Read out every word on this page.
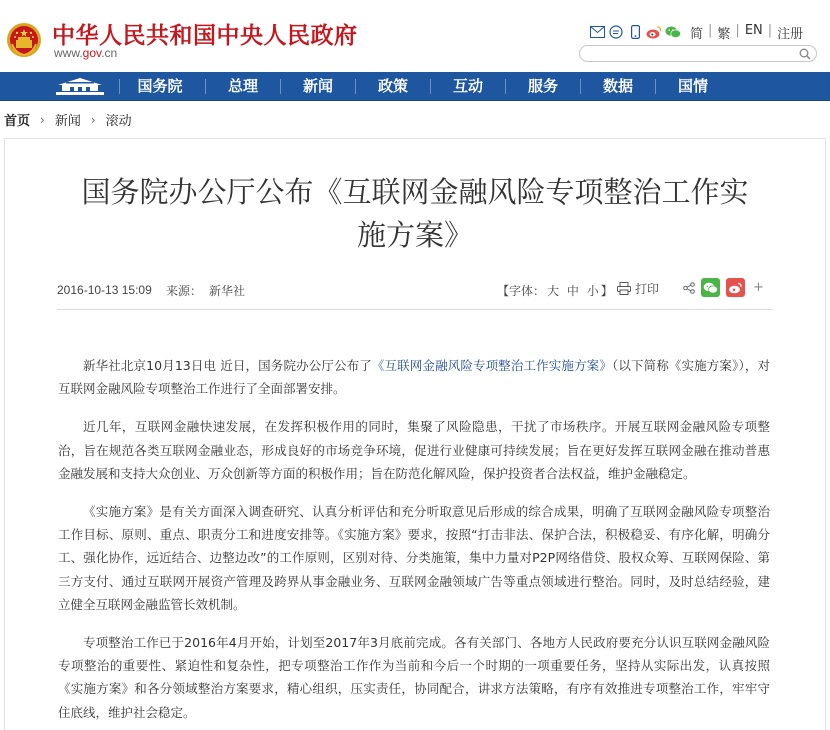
中华人民共和国中央人民政府
www.gov.cn
简 | 繁 | EN | 注册
国务院	总理	新闻	政策	互动	服务	数据	国情
首页 › 新闻 › 滚动
国务院办公厅公布《互联网金融风险专项整治工作实
施方案》
2016-10-13 15:09 来源： 新华社	【字体： 大 中 小 】 打印	+

新华社北京10月13日电 近日，国务院办公厅公布了《互联网金融风险专项整治工作实施方案》（以下简称《实施方案》），对互联网金融风险专项整治工作进行了全面部署安排。

近几年，互联网金融快速发展，在发挥积极作用的同时，集聚了风险隐患，干扰了市场秩序。开展互联网金融风险专项整治，旨在规范各类互联网金融业态，形成良好的市场竞争环境，促进行业健康可持续发展；旨在更好发挥互联网金融在推动普惠金融发展和支持大众创业、万众创新等方面的积极作用；旨在防范化解风险，保护投资者合法权益，维护金融稳定。

《实施方案》是有关方面深入调查研究、认真分析评估和充分听取意见后形成的综合成果，明确了互联网金融风险专项整治工作目标、原则、重点、职责分工和进度安排等。《实施方案》要求，按照“打击非法、保护合法，积极稳妥、有序化解，明确分工、强化协作，远近结合、边整边改”的工作原则，区别对待、分类施策，集中力量对P2P网络借贷、股权众筹、互联网保险、第三方支付、通过互联网开展资产管理及跨界从事金融业务、互联网金融领域广告等重点领域进行整治。同时，及时总结经验，建立健全互联网金融监管长效机制。

专项整治工作已于2016年4月开始，计划至2017年3月底前完成。各有关部门、各地方人民政府要充分认识互联网金融风险专项整治的重要性、紧迫性和复杂性，把专项整治工作作为当前和今后一个时期的一项重要任务，坚持从实际出发，认真按照《实施方案》和各分领域整治方案要求，精心组织，压实责任，协同配合，讲求方法策略，有序有效推进专项整治工作，牢牢守住底线，维护社会稳定。
